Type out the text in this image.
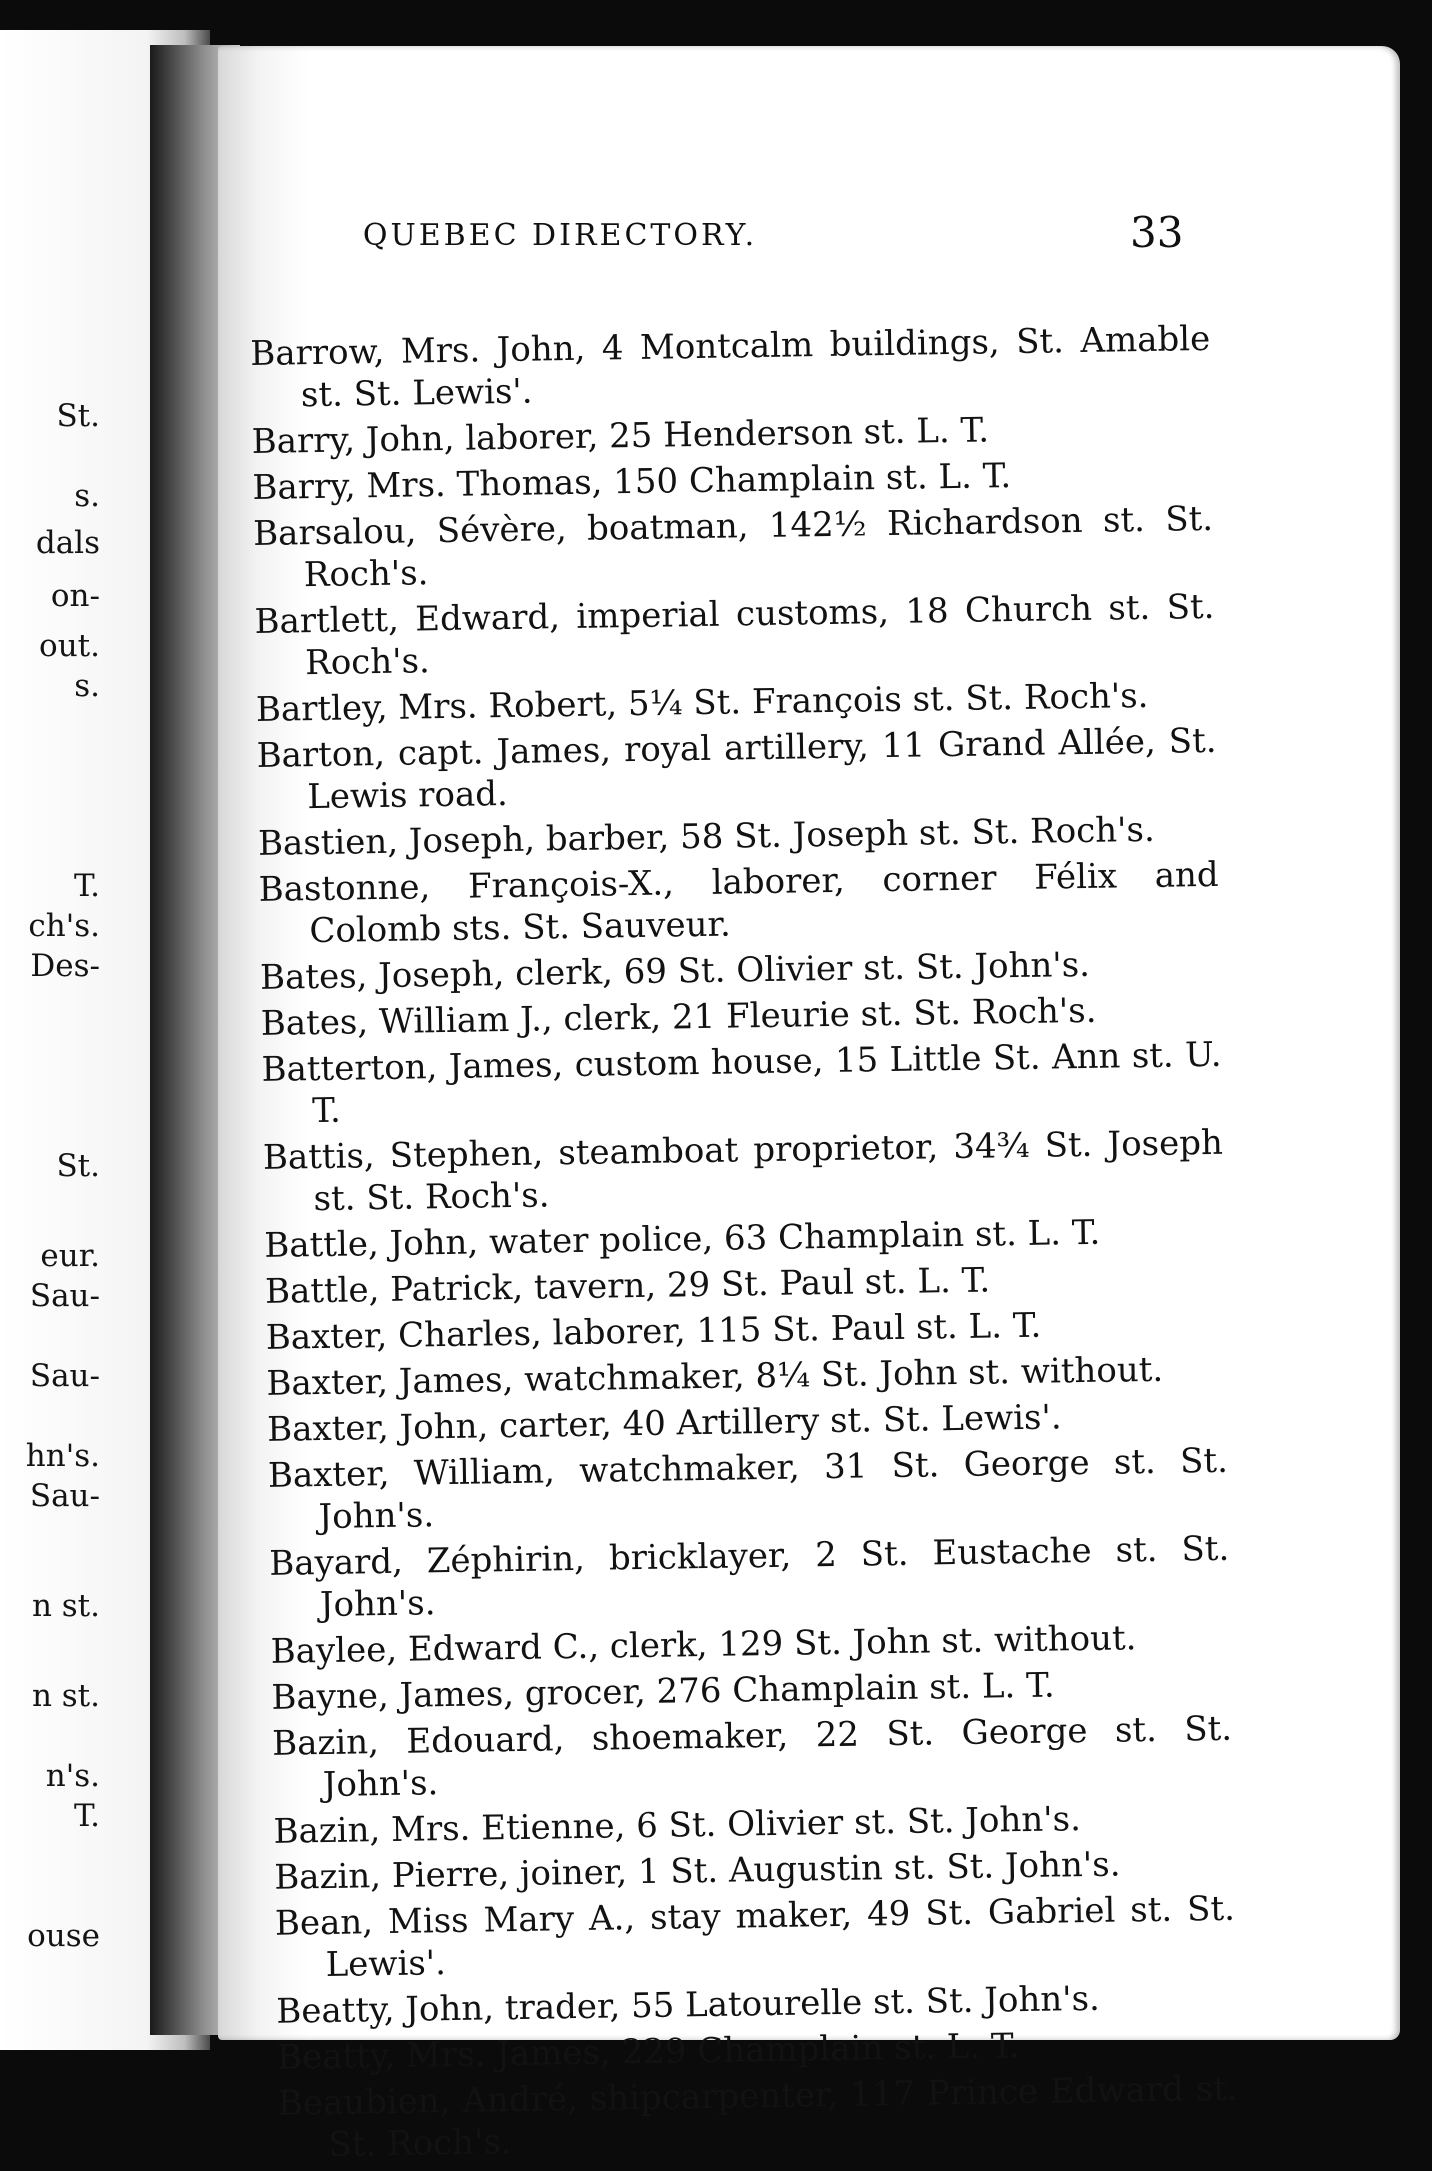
St.
s.
dals
on-
out.
s.
T.
ch's.
Des-
St.
eur.
Sau-
Sau-
hn's.
Sau-
n st.
n st.
n's.
T.
ouse
QUEBEC DIRECTORY.	33

Barrow, Mrs. John, 4 Montcalm buildings, St. Amable st. St. Lewis'.

Barry, John, laborer, 25 Henderson st. L. T.

Barry, Mrs. Thomas, 150 Champlain st. L. T.

Barsalou, Sévère, boatman, 142½ Richardson st. St. Roch's.

Bartlett, Edward, imperial customs, 18 Church st. St. Roch's.

Bartley, Mrs. Robert, 5¼ St. François st. St. Roch's.

Barton, capt. James, royal artillery, 11 Grand Allée, St. Lewis road.

Bastien, Joseph, barber, 58 St. Joseph st. St. Roch's.

Bastonne, François-X., laborer, corner Félix and Colomb sts. St. Sauveur.

Bates, Joseph, clerk, 69 St. Olivier st. St. John's.

Bates, William J., clerk, 21 Fleurie st. St. Roch's.

Batterton, James, custom house, 15 Little St. Ann st. U. T.

Battis, Stephen, steamboat proprietor, 34¾ St. Joseph st. St. Roch's.

Battle, John, water police, 63 Champlain st. L. T.

Battle, Patrick, tavern, 29 St. Paul st. L. T.

Baxter, Charles, laborer, 115 St. Paul st. L. T.

Baxter, James, watchmaker, 8¼ St. John st. without.

Baxter, John, carter, 40 Artillery st. St. Lewis'.

Baxter, William, watchmaker, 31 St. George st. St. John's.

Bayard, Zéphirin, bricklayer, 2 St. Eustache st. St. John's.

Baylee, Edward C., clerk, 129 St. John st. without.

Bayne, James, grocer, 276 Champlain st. L. T.

Bazin, Edouard, shoemaker, 22 St. George st. St. John's.

Bazin, Mrs. Etienne, 6 St. Olivier st. St. John's.

Bazin, Pierre, joiner, 1 St. Augustin st. St. John's.

Bean, Miss Mary A., stay maker, 49 St. Gabriel st. St. Lewis'.

Beatty, John, trader, 55 Latourelle st. St. John's.

Beatty, Mrs. James, 229 Champlain st. L. T.

Beaubien, André, shipcarpenter, 117 Prince Edward st. St. Roch's.
